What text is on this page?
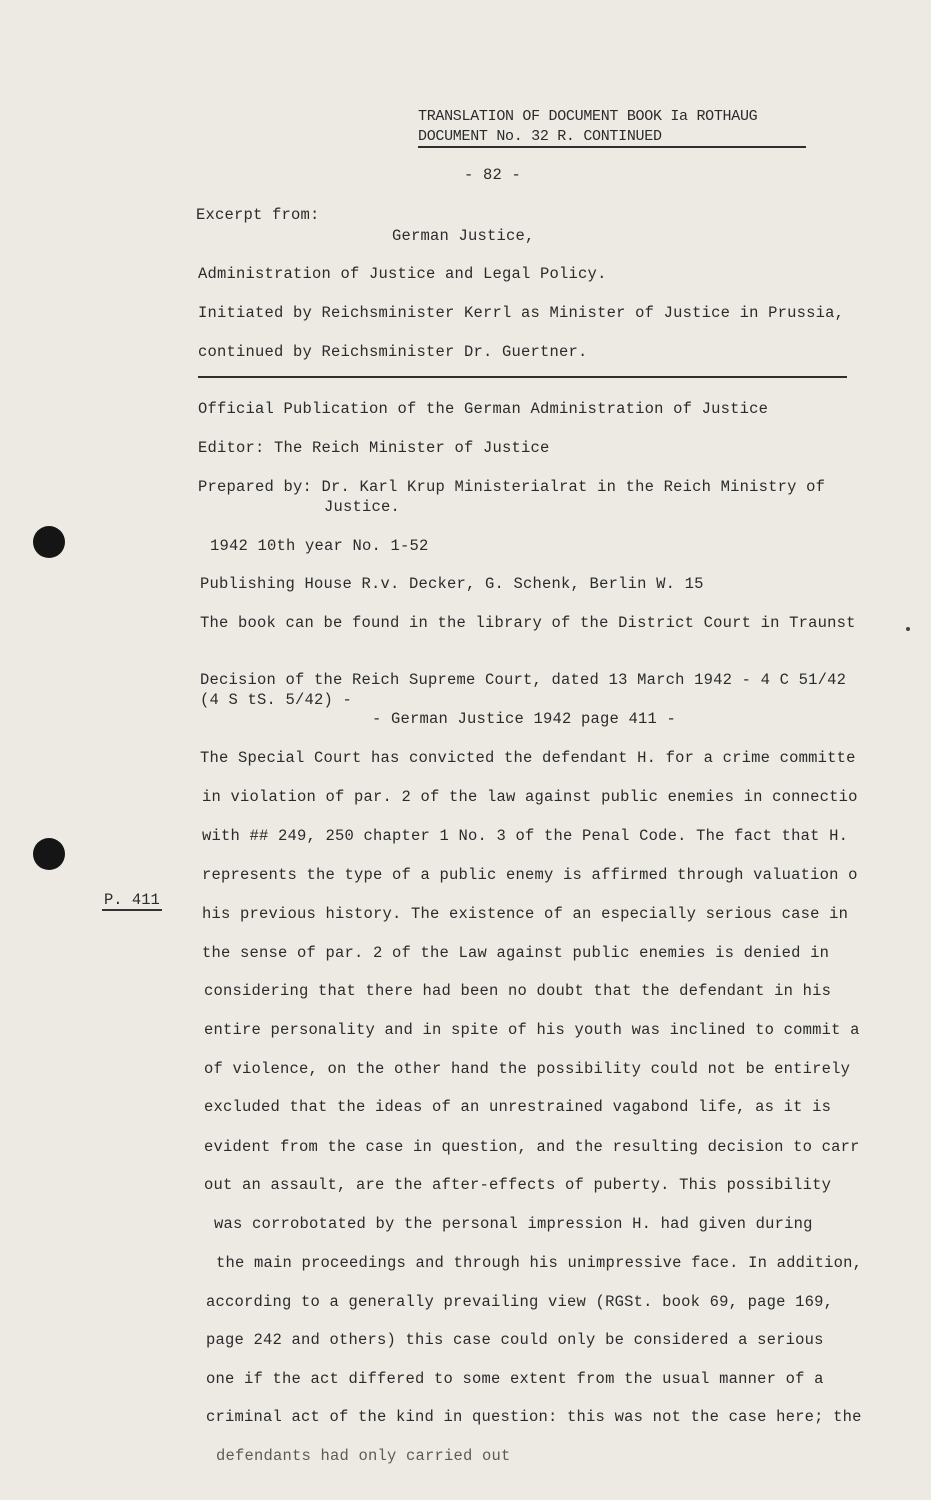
TRANSLATION OF DOCUMENT BOOK Ia ROTHAUG
DOCUMENT No. 32 R. CONTINUED
- 82 -
Excerpt from:
German Justice,
Administration of Justice and Legal Policy.
Initiated by Reichsminister Kerrl as Minister of Justice in Prussia,
continued by Reichsminister Dr. Guertner.
Official Publication of the German Administration of Justice
Editor: The Reich Minister of Justice
Prepared by: Dr. Karl Krup Ministerialrat in the Reich Ministry of
Justice.
1942 10th year No. 1-52
Publishing House R.v. Decker, G. Schenk, Berlin W. 15
The book can be found in the library of the District Court in Traunst
Decision of the Reich Supreme Court, dated 13 March 1942 - 4 C 51/42
(4 S tS. 5/42) -
- German Justice 1942 page 411 -
The Special Court has convicted the defendant H. for a crime committe
in violation of par. 2 of the law against public enemies in connectio
with ## 249, 250 chapter 1 No. 3 of the Penal Code. The fact that H.
represents the type of a public enemy is affirmed through valuation o
his previous history. The existence of an especially serious case in
the sense of par. 2 of the Law against public enemies is denied in
considering that there had been no doubt that the defendant in his
entire personality and in spite of his youth was inclined to commit a
of violence, on the other hand the possibility could not be entirely
excluded that the ideas of an unrestrained vagabond life, as it is
evident from the case in question, and the resulting decision to carr
out an assault, are the after-effects of puberty. This possibility
was corrobotated by the personal impression H. had given during
the main proceedings and through his unimpressive face. In addition,
according to a generally prevailing view (RGSt. book 69, page 169,
page 242 and others) this case could only be considered a serious
one if the act differed to some extent from the usual manner of a
criminal act of the kind in question: this was not the case here; the
defendants had only carried out
P. 411
